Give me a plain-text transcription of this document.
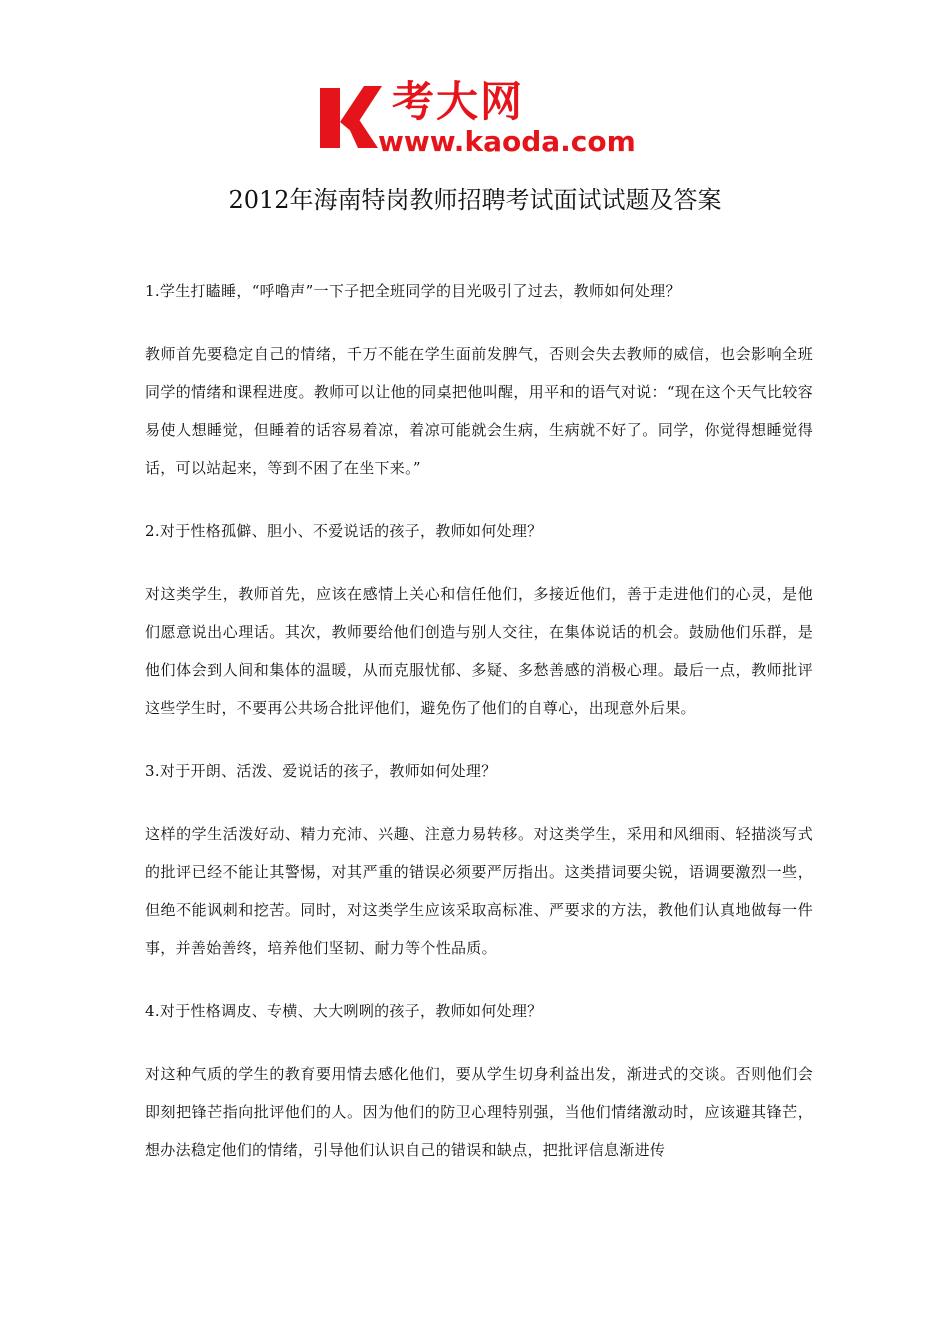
考大网
www.kaoda.com
2012年海南特岗教师招聘考试面试试题及答案

1.学生打瞌睡，“呼噜声”一下子把全班同学的目光吸引了过去，教师如何处理？

教师首先要稳定自己的情绪，千万不能在学生面前发脾气，否则会失去教师的威信，也会影响全班同学的情绪和课程进度。教师可以让他的同桌把他叫醒，用平和的语气对说：“现在这个天气比较容易使人想睡觉，但睡着的话容易着凉，着凉可能就会生病，生病就不好了。同学，你觉得想睡觉得话，可以站起来，等到不困了在坐下来。”

2.对于性格孤僻、胆小、不爱说话的孩子，教师如何处理？

对这类学生，教师首先，应该在感情上关心和信任他们，多接近他们，善于走进他们的心灵，是他们愿意说出心理话。其次，教师要给他们创造与别人交往，在集体说话的机会。鼓励他们乐群，是他们体会到人间和集体的温暖，从而克服忧郁、多疑、多愁善感的消极心理。最后一点，教师批评这些学生时，不要再公共场合批评他们，避免伤了他们的自尊心，出现意外后果。

3.对于开朗、活泼、爱说话的孩子，教师如何处理？

这样的学生活泼好动、精力充沛、兴趣、注意力易转移。对这类学生，采用和风细雨、轻描淡写式的批评已经不能让其警惕，对其严重的错误必须要严厉指出。这类措词要尖锐，语调要激烈一些，但绝不能讽刺和挖苦。同时，对这类学生应该采取高标准、严要求的方法，教他们认真地做每一件事，并善始善终，培养他们坚韧、耐力等个性品质。

4.对于性格调皮、专横、大大咧咧的孩子，教师如何处理？

对这种气质的学生的教育要用情去感化他们，要从学生切身利益出发，渐进式的交谈。否则他们会即刻把锋芒指向批评他们的人。因为他们的防卫心理特别强，当他们情绪激动时，应该避其锋芒，想办法稳定他们的情绪，引导他们认识自己的错误和缺点，把批评信息渐进传
